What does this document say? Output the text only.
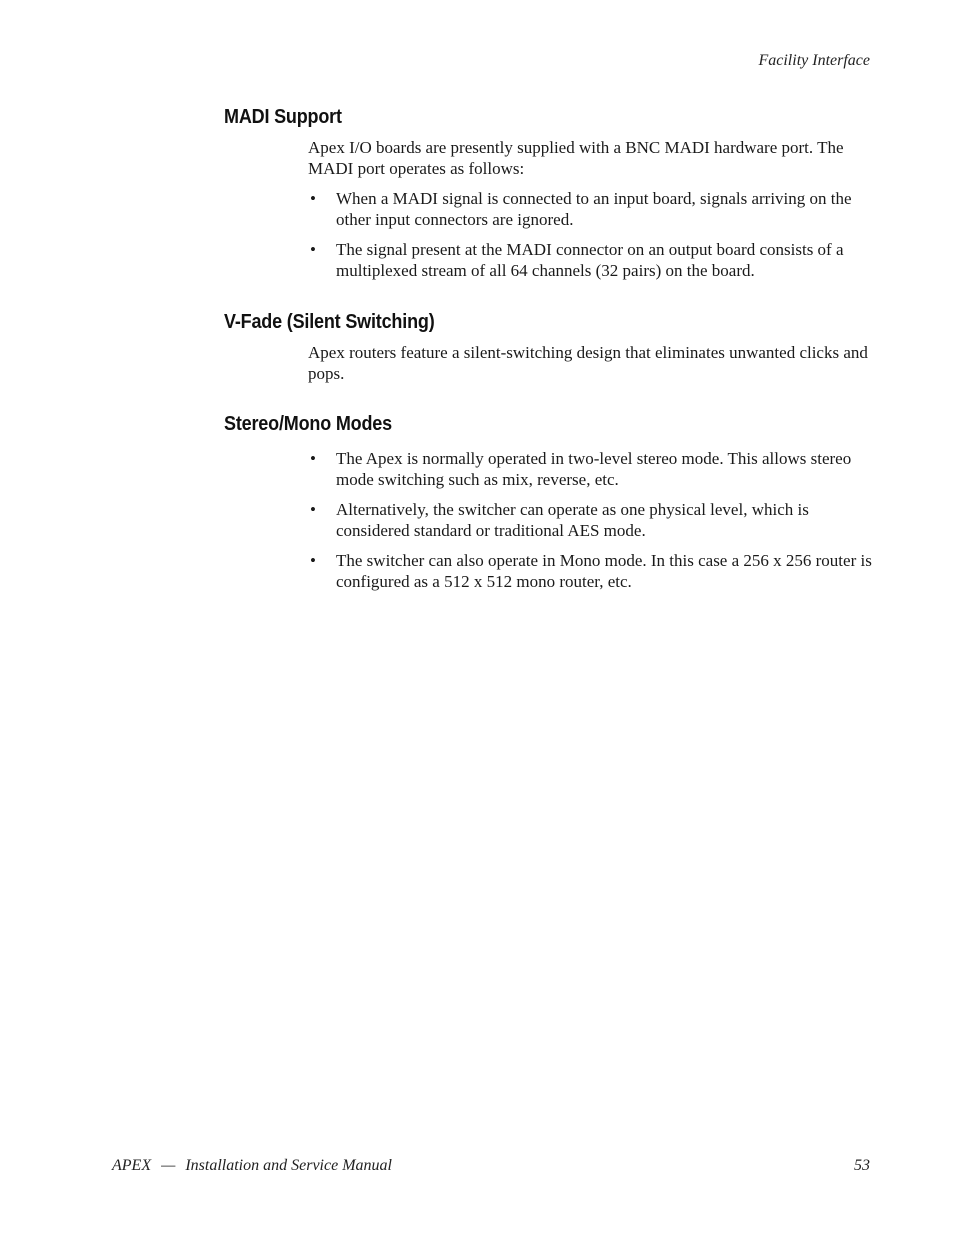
Facility Interface
MADI Support

Apex I/O boards are presently supplied with a BNC MADI hardware port. The MADI port operates as follows:

• When a MADI signal is connected to an input board, signals arriving on the other input connectors are ignored.
• The signal present at the MADI connector on an output board consists of a multiplexed stream of all 64 channels (32 pairs) on the board.
V-Fade (Silent Switching)

Apex routers feature a silent-switching design that eliminates unwanted clicks and pops.

Stereo/Mono Modes
• The Apex is normally operated in two-level stereo mode. This allows stereo mode switching such as mix, reverse, etc.
• Alternatively, the switcher can operate as one physical level, which is considered standard or traditional AES mode.
• The switcher can also operate in Mono mode. In this case a 256 x 256 router is configured as a 512 x 512 mono router, etc.
APEX — Installation and Service Manual	53
